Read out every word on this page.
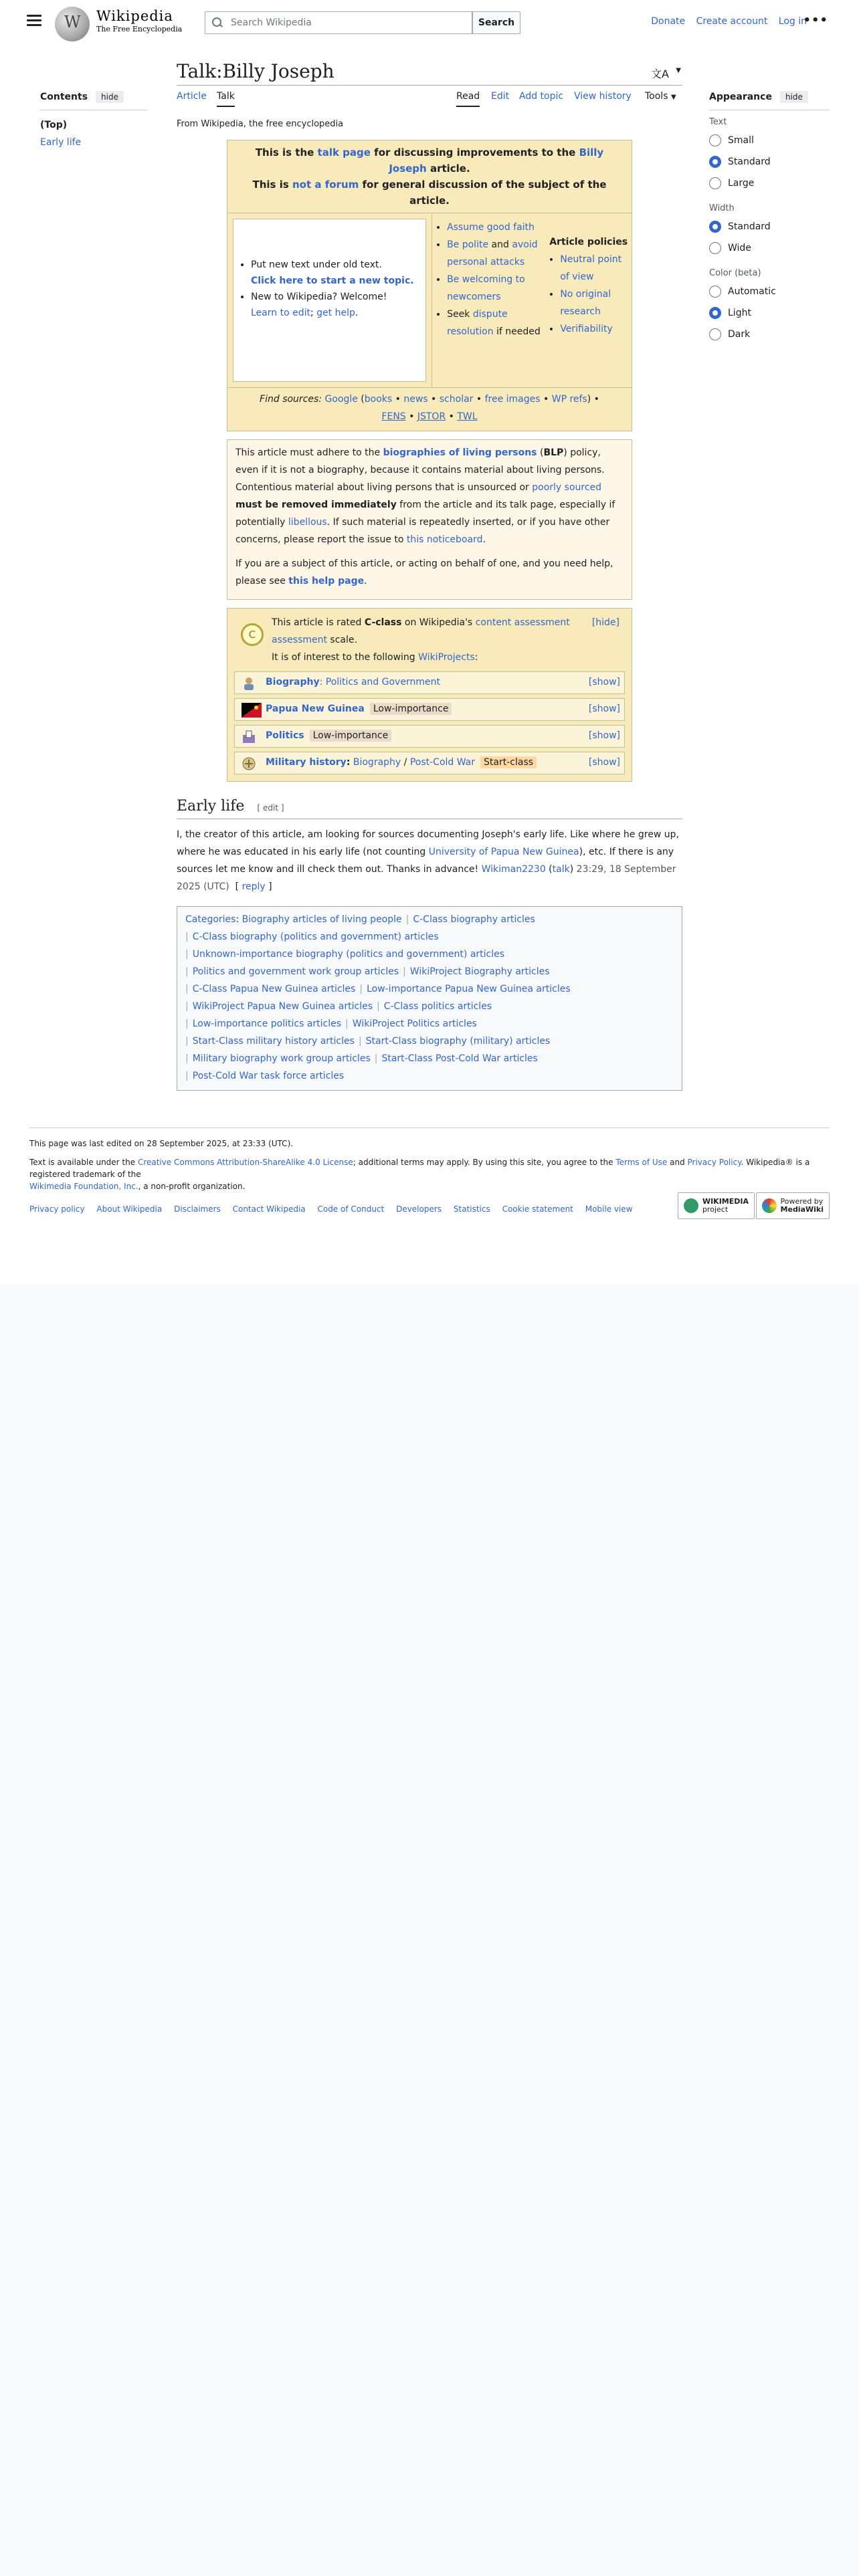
W Wikipedia
The Free Encyclopedia
Search Wikipedia
Search	Donate Create account Log in
•••
Contents	hide
(Top)
Early life
Talk:Billy Joseph	文A ▼
Article Talk	Read Edit Add topic View history Tools ▼
From Wikipedia, the free encyclopedia
This is the talk page for discussing improvements to the Billy Joseph article.
This is not a forum for general discussion of the subject of the article.
• Put new text under old text.
Click here to start a new topic.
• New to Wikipedia? Welcome!
Learn to edit; get help.
• Assume good faith
• Be polite and avoid personal attacks
• Be welcoming to newcomers
• Seek dispute resolution if needed
Article policies
• Neutral point of view
• No original research
• Verifiability
Find sources: Google (books • news • scholar • free images • WP refs) •
FENS • JSTOR • TWL

This article must adhere to the biographies of living persons (BLP) policy, even if it is not a biography, because it contains material about living persons. Contentious material about living persons that is unsourced or poorly sourced must be removed immediately from the article and its talk page, especially if potentially libellous. If such material is repeatedly inserted, or if you have other concerns, please report the issue to this noticeboard.

If you are a subject of this article, or acting on behalf of one, and you need help, please see this help page.

C
This article is rated C-class on Wikipedia's content assessment
assessment scale.
It is of interest to the following WikiProjects:
[hide]
Biography: Politics and Government	[show]
Papua New Guinea Low-importance	[show]
Politics Low-importance	[show]
Military history: Biography / Post-Cold War Start-class	[show]
Early life [ edit ]
I, the creator of this article, am looking for sources documenting Joseph's early life. Like where he grew up, where he was educated in his early life (not counting University of Papua New Guinea), etc. If there is any sources let me know and ill check them out. Thanks in advance! Wikiman2230 (talk) 23:29, 18 September 2025 (UTC) [ reply ]
Categories: Biography articles of living people | C-Class biography articles
| C-Class biography (politics and government) articles
| Unknown-importance biography (politics and government) articles
| Politics and government work group articles | WikiProject Biography articles
| C-Class Papua New Guinea articles | Low-importance Papua New Guinea articles
| WikiProject Papua New Guinea articles | C-Class politics articles
| Low-importance politics articles | WikiProject Politics articles
| Start-Class military history articles | Start-Class biography (military) articles
| Military biography work group articles | Start-Class Post-Cold War articles
| Post-Cold War task force articles
Appearance	hide
Text
Small
Standard
Large
Width
Standard
Wide
Color (beta)
Automatic
Light
Dark

This page was last edited on 28 September 2025, at 23:33 (UTC).

Text is available under the Creative Commons Attribution-ShareAlike 4.0 License; additional terms may apply. By using this site, you agree to the Terms of Use and Privacy Policy. Wikipedia® is a registered trademark of the
Wikimedia Foundation, Inc., a non-profit organization.

Privacy policy About Wikipedia Disclaimers Contact Wikipedia Code of Conduct Developers Statistics Cookie statement Mobile view
WIKIMEDIA
project
Powered by
MediaWiki
